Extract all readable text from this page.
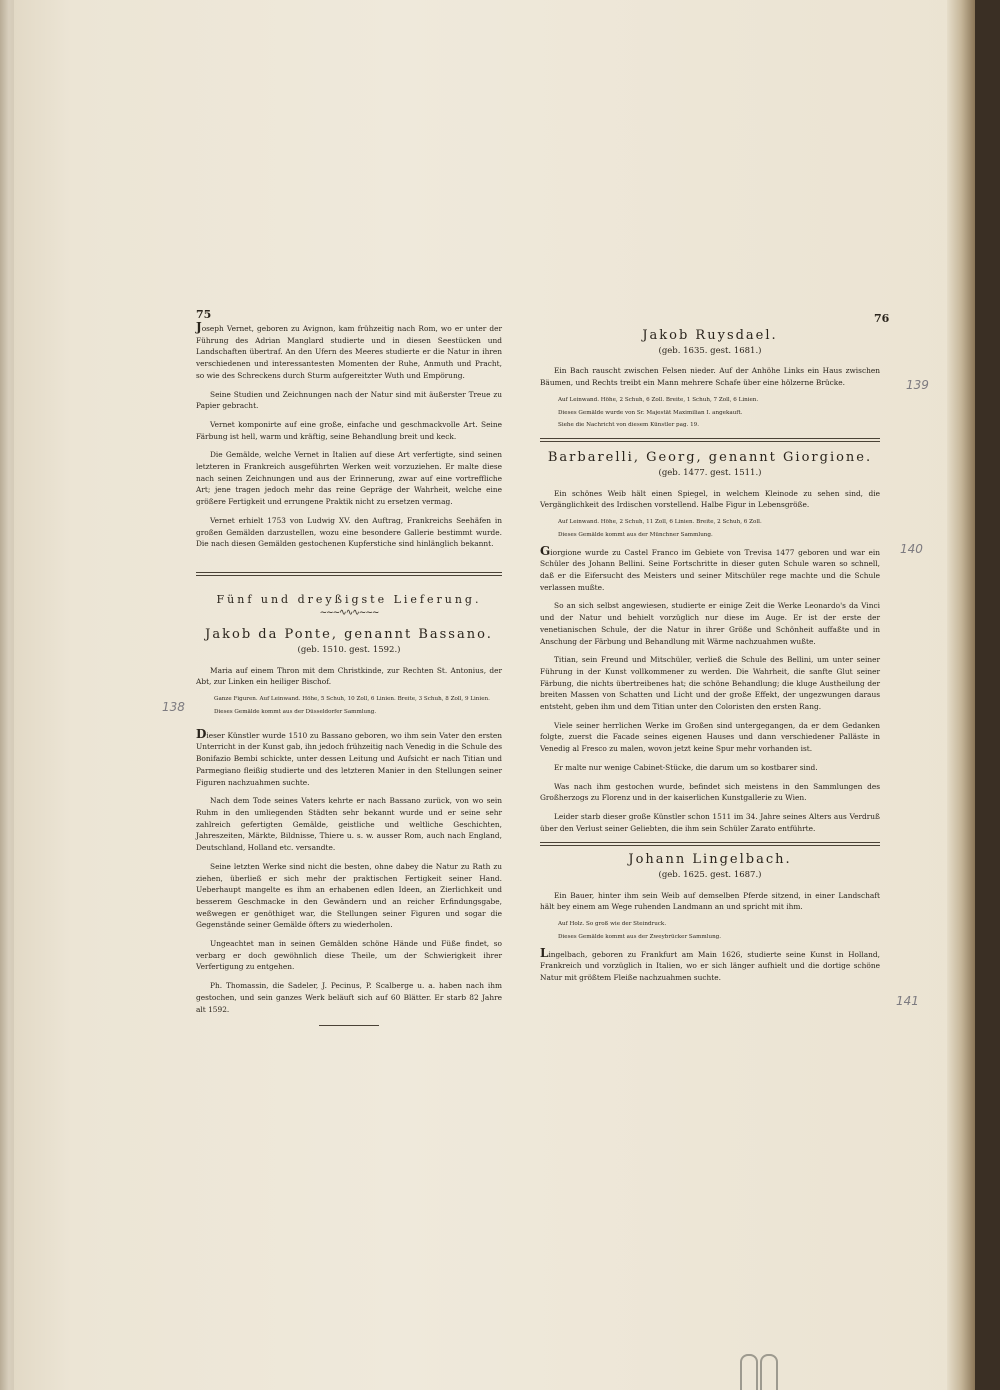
75

Joseph Vernet, geboren zu Avignon, kam frühzeitig nach Rom, wo er unter der Führung des Adrian Manglard studierte und in diesen Seestücken und Landschaften übertraf. An den Ufern des Meeres studierte er die Natur in ihren verschiedenen und interessantesten Momenten der Ruhe, Anmuth und Pracht, so wie des Schreckens durch Sturm aufgereitzter Wuth und Empörung.

Seine Studien und Zeichnungen nach der Natur sind mit äußerster Treue zu Papier gebracht.

Vernet komponirte auf eine große, einfache und geschmackvolle Art. Seine Färbung ist hell, warm und kräftig, seine Behandlung breit und keck.

Die Gemälde, welche Vernet in Italien auf diese Art verfertigte, sind seinen letzteren in Frankreich ausgeführten Werken weit vorzuziehen. Er malte diese nach seinen Zeichnungen und aus der Erinnerung, zwar auf eine vortreffliche Art; jene tragen jedoch mehr das reine Gepräge der Wahrheit, welche eine größere Fertigkeit und errungene Praktik nicht zu ersetzen vermag.

Vernet erhielt 1753 von Ludwig XV. den Auftrag, Frankreichs Seehäfen in großen Gemälden darzustellen, wozu eine besondere Gallerie bestimmt wurde. Die nach diesen Gemälden gestochenen Kupferstiche sind hinlänglich bekannt.

Fünf und dreyßigste Lieferung.
~~~∿∿∿~~~
Jakob da Ponte, genannt Bassano.

(geb. 1510. gest. 1592.)

Maria auf einem Thron mit dem Christkinde, zur Rechten St. Antonius, der Abt, zur Linken ein heiliger Bischof.

Ganze Figuren. Auf Leinwand. Höhe, 5 Schuh, 10 Zoll, 6 Linien. Breite, 3 Schuh, 8 Zoll, 9 Linien.

Dieses Gemälde kommt aus der Düsseldorfer Sammlung.

Dieser Künstler wurde 1510 zu Bassano geboren, wo ihm sein Vater den ersten Unterricht in der Kunst gab, ihn jedoch frühzeitig nach Venedig in die Schule des Bonifazio Bembi schickte, unter dessen Leitung und Aufsicht er nach Titian und Parmegiano fleißig studierte und des letzteren Manier in den Stellungen seiner Figuren nachzuahmen suchte.

Nach dem Tode seines Vaters kehrte er nach Bassano zurück, von wo sein Ruhm in den umliegenden Städten sehr bekannt wurde und er seine sehr zahlreich gefertigten Gemälde, geistliche und weltliche Geschichten, Jahreszeiten, Märkte, Bildnisse, Thiere u. s. w. ausser Rom, auch nach England, Deutschland, Holland etc. versandte.

Seine letzten Werke sind nicht die besten, ohne dabey die Natur zu Rath zu ziehen, überließ er sich mehr der praktischen Fertigkeit seiner Hand. Ueberhaupt mangelte es ihm an erhabenen edlen Ideen, an Zierlichkeit und besserem Geschmacke in den Gewändern und an reicher Erfindungsgabe, weßwegen er genöthiget war, die Stellungen seiner Figuren und sogar die Gegenstände seiner Gemälde öfters zu wiederholen.

Ungeachtet man in seinen Gemälden schöne Hände und Füße findet, so verbarg er doch gewöhnlich diese Theile, um der Schwierigkeit ihrer Verfertigung zu entgehen.

Ph. Thomassin, die Sadeler, J. Pecinus, P. Scalberge u. a. haben nach ihm gestochen, und sein ganzes Werk beläuft sich auf 60 Blätter. Er starb 82 Jahre alt 1592.

138
76
Jakob Ruysdael.

(geb. 1635. gest. 1681.)

Ein Bach rauscht zwischen Felsen nieder. Auf der Anhöhe Links ein Haus zwischen Bäumen, und Rechts treibt ein Mann mehrere Schafe über eine hölzerne Brücke.

Auf Leinwand. Höhe, 2 Schuh, 6 Zoll. Breite, 1 Schuh, 7 Zoll, 6 Linien.

Dieses Gemälde wurde von Sr. Majestät Maximilian I. angekauft.

Siehe die Nachricht von diesem Künstler pag. 19.

Barbarelli, Georg, genannt Giorgione.

(geb. 1477. gest. 1511.)

Ein schönes Weib hält einen Spiegel, in welchem Kleinode zu sehen sind, die Vergänglichkeit des Irdischen vorstellend. Halbe Figur in Lebensgröße.

Auf Leinwand. Höhe, 2 Schuh, 11 Zoll, 6 Linien. Breite, 2 Schuh, 6 Zoll.

Dieses Gemälde kommt aus der Münchner Sammlung.

Giorgione wurde zu Castel Franco im Gebiete von Trevisa 1477 geboren und war ein Schüler des Johann Bellini. Seine Fortschritte in dieser guten Schule waren so schnell, daß er die Eifersucht des Meisters und seiner Mitschüler rege machte und die Schule verlassen mußte.

So an sich selbst angewiesen, studierte er einige Zeit die Werke Leonardo's da Vinci und der Natur und behielt vorzüglich nur diese im Auge. Er ist der erste der venetianischen Schule, der die Natur in ihrer Größe und Schönheit auffaßte und in Anschung der Färbung und Behandlung mit Wärme nachzuahmen wußte.

Titian, sein Freund und Mitschüler, verließ die Schule des Bellini, um unter seiner Führung in der Kunst vollkommener zu werden. Die Wahrheit, die sanfte Glut seiner Färbung, die nichts übertreibenes hat; die schöne Behandlung; die kluge Austheilung der breiten Massen von Schatten und Licht und der große Effekt, der ungezwungen daraus entsteht, geben ihm und dem Titian unter den Coloristen den ersten Rang.

Viele seiner herrlichen Werke im Großen sind untergegangen, da er dem Gedanken folgte, zuerst die Facade seines eigenen Hauses und dann verschiedener Palläste in Venedig al Fresco zu malen, wovon jetzt keine Spur mehr vorhanden ist.

Er malte nur wenige Cabinet-Stücke, die darum um so kostbarer sind.

Was nach ihm gestochen wurde, befindet sich meistens in den Sammlungen des Großherzogs zu Florenz und in der kaiserlichen Kunstgallerie zu Wien.

Leider starb dieser große Künstler schon 1511 im 34. Jahre seines Alters aus Verdruß über den Verlust seiner Geliebten, die ihm sein Schüler Zarato entführte.

Johann Lingelbach.

(geb. 1625. gest. 1687.)

Ein Bauer, hinter ihm sein Weib auf demselben Pferde sitzend, in einer Landschaft hält bey einem am Wege ruhenden Landmann an und spricht mit ihm.

Auf Holz. So groß wie der Steindruck.

Dieses Gemälde kommt aus der Zweybrücker Sammlung.

Lingelbach, geboren zu Frankfurt am Main 1626, studierte seine Kunst in Holland, Frankreich und vorzüglich in Italien, wo er sich länger aufhielt und die dortige schöne Natur mit größtem Fleiße nachzuahmen suchte.

139
140
141
